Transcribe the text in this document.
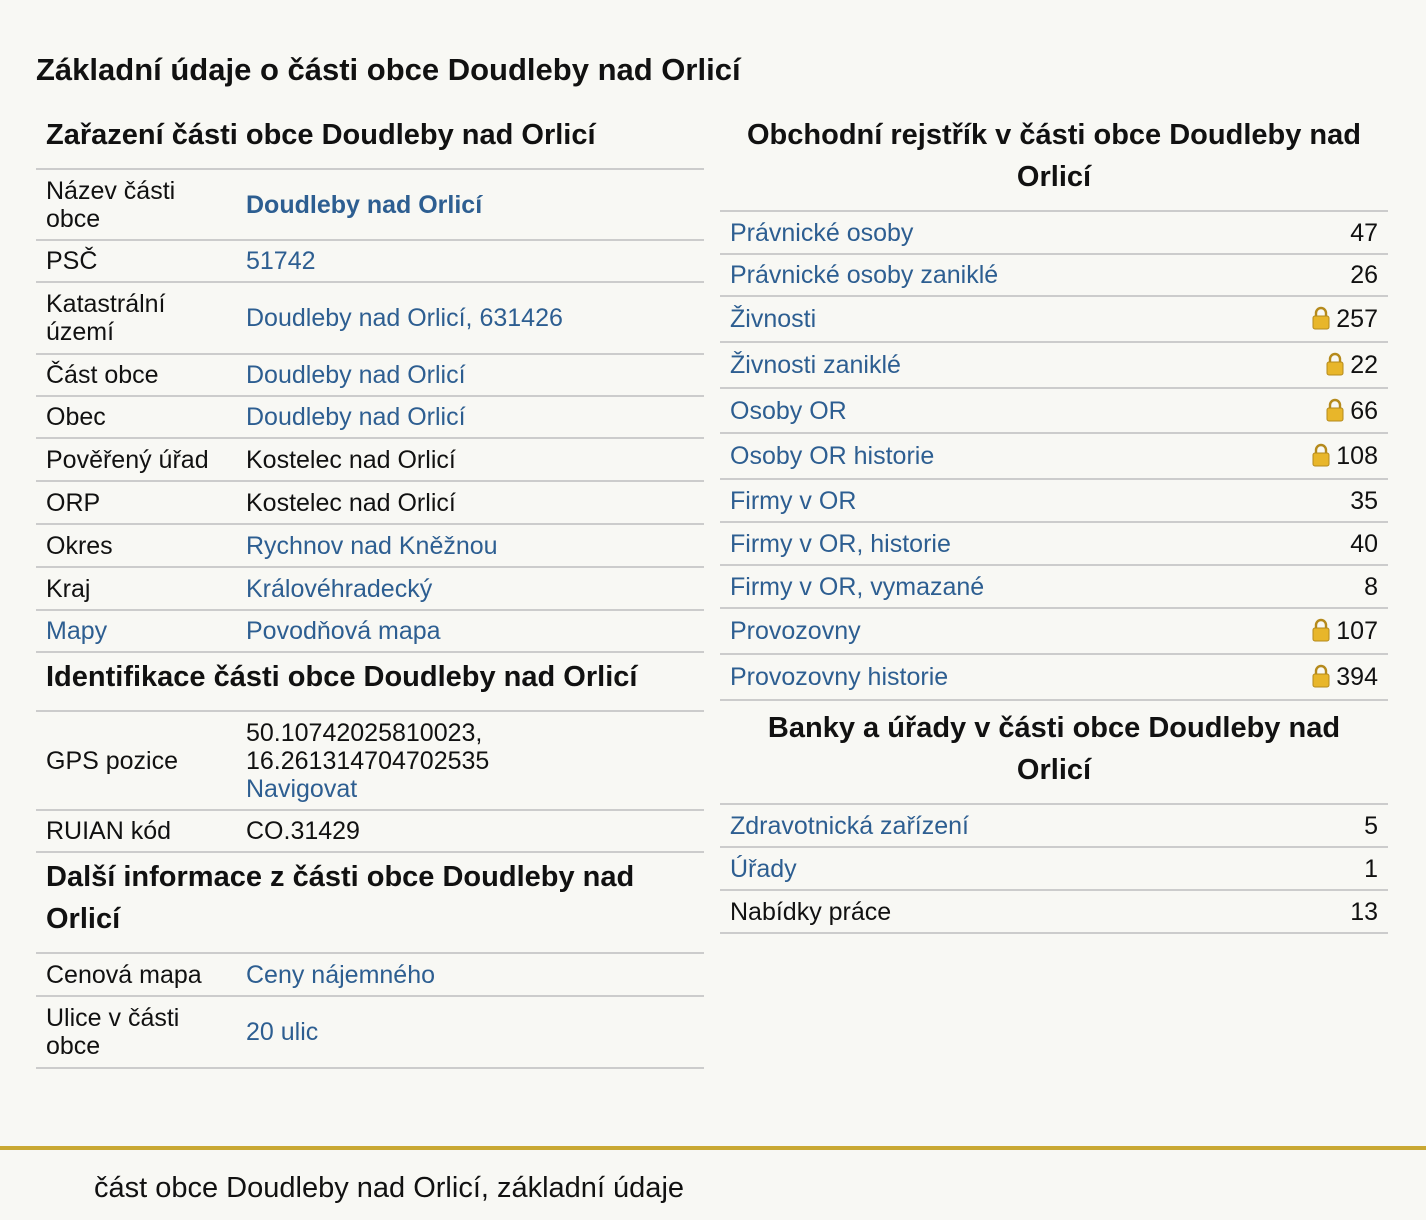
Základní údaje o části obce Doudleby nad Orlicí
Zařazení části obce Doudleby nad Orlicí
Název části obce	Doudleby nad Orlicí
PSČ	51742
Katastrální území	Doudleby nad Orlicí, 631426
Část obce	Doudleby nad Orlicí
Obec	Doudleby nad Orlicí
Pověřený úřad	Kostelec nad Orlicí
ORP	Kostelec nad Orlicí
Okres	Rychnov nad Kněžnou
Kraj	Královéhradecký
Mapy	Povodňová mapa
Identifikace části obce Doudleby nad Orlicí
GPS pozice	50.10742025810023,
16.261314704702535
Navigovat
RUIAN kód	CO.31429
Další informace z části obce Doudleby nad Orlicí
Cenová mapa	Ceny nájemného
Ulice v části obce	20 ulic
Obchodní rejstřík v části obce Doudleby nad Orlicí
Právnické osoby	47
Právnické osoby zaniklé	26
Živnosti	257
Živnosti zaniklé	22
Osoby OR	66
Osoby OR historie	108
Firmy v OR	35
Firmy v OR, historie	40
Firmy v OR, vymazané	8
Provozovny	107
Provozovny historie	394
Banky a úřady v části obce Doudleby nad Orlicí
Zdravotnická zařízení	5
Úřady	1
Nabídky práce	13
část obce Doudleby nad Orlicí, základní údaje
